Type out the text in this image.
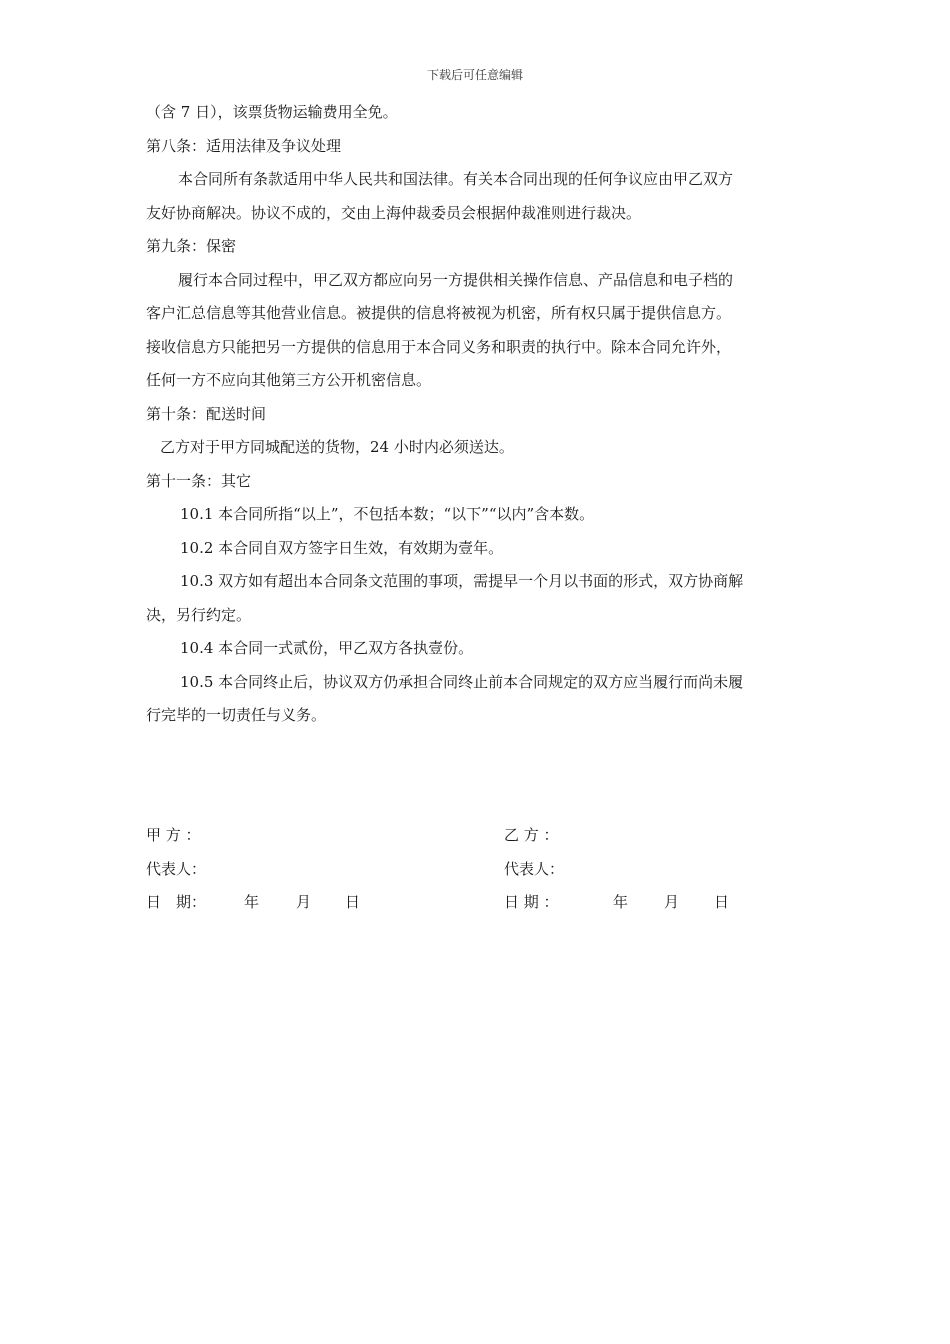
下载后可任意编辑
（含 7 日），该票货物运输费用全免。
第八条：适用法律及争议处理
本合同所有条款适用中华人民共和国法律。有关本合同出现的任何争议应由甲乙双方
友好协商解决。协议不成的，交由上海仲裁委员会根据仲裁准则进行裁决。
第九条：保密
履行本合同过程中，甲乙双方都应向另一方提供相关操作信息、产品信息和电子档的
客户汇总信息等其他营业信息。被提供的信息将被视为机密，所有权只属于提供信息方。
接收信息方只能把另一方提供的信息用于本合同义务和职责的执行中。除本合同允许外，
任何一方不应向其他第三方公开机密信息。
第十条：配送时间
乙方对于甲方同城配送的货物，24 小时内必须送达。
第十一条：其它
10.1 本合同所指“以上”，不包括本数；“以下”“以内”含本数。
10.2 本合同自双方签字日生效，有效期为壹年。
10.3 双方如有超出本合同条文范围的事项，需提早一个月以书面的形式，双方协商解
决，另行约定。
10.4 本合同一式贰份，甲乙双方各执壹份。
10.5 本合同终止后，协议双方仍承担合同终止前本合同规定的双方应当履行而尚未履
行完毕的一切责任与义务。
甲 方 ：	乙 方 ：
代表人：	代表人：
日　期：	年 月 日	日 期 ：	年 月 日
